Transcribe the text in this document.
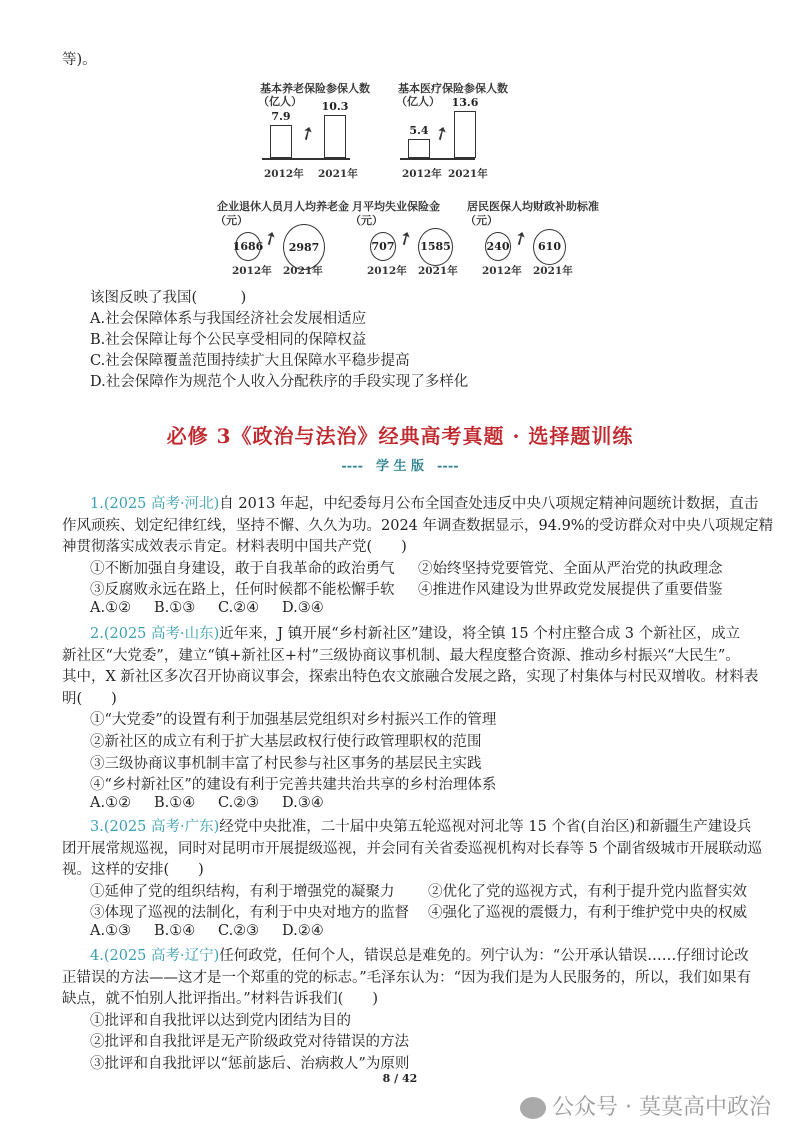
等)。
基本养老保险参保人数
（亿人）
7.9
2012年
10.3
2021年
➚
基本医疗保险参保人数
（亿人）
5.4
2012年
13.6
2021年
➚
企业退休人员月人均养老金
（元）
1686	2987
➚
2012年 2021年
月平均失业保险金
（元）
707 1585
➚
2012年 2021年
居民医保人均财政补助标准
（元）
240	610
➚
2012年 2021年
该图反映了我国(　　　)
A.社会保障体系与我国经济社会发展相适应
B.社会保障让每个公民享受相同的保障权益
C.社会保障覆盖范围持续扩大且保障水平稳步提高
D.社会保障作为规范个人收入分配秩序的手段实现了多样化
必修 3《政治与法治》经典高考真题 · 选择题训练
----　学 生 版　----
1.(2025 高考·河北)自 2013 年起，中纪委每月公布全国查处违反中央八项规定精神问题统计数据，直击
作风顽疾、划定纪律红线，坚持不懈、久久为功。2024 年调查数据显示，94.9%的受访群众对中央八项规定精
神贯彻落实成效表示肯定。材料表明中国共产党(　　)
①不断加强自身建设，敢于自我革命的政治勇气 ②始终坚持党要管党、全面从严治党的执政理念
③反腐败永远在路上，任何时候都不能松懈手软 ④推进作风建设为世界政党发展提供了重要借鉴
A.①② B.①③ C.②④ D.③④
2.(2025 高考·山东)近年来，J 镇开展“乡村新社区”建设，将全镇 15 个村庄整合成 3 个新社区，成立
新社区“大党委”，建立“镇+新社区+村”三级协商议事机制、最大程度整合资源、推动乡村振兴“大民生”。
其中，X 新社区多次召开协商议事会，探索出特色农文旅融合发展之路，实现了村集体与村民双增收。材料表
明(　　)
①“大党委”的设置有利于加强基层党组织对乡村振兴工作的管理
②新社区的成立有利于扩大基层政权行使行政管理职权的范围
③三级协商议事机制丰富了村民参与社区事务的基层民主实践
④“乡村新社区”的建设有利于完善共建共治共享的乡村治理体系
A.①② B.①④ C.②③ D.③④
3.(2025 高考·广东)经党中央批准，二十届中央第五轮巡视对河北等 15 个省(自治区)和新疆生产建设兵
团开展常规巡视，同时对昆明市开展提级巡视，并会同有关省委巡视机构对长春等 5 个副省级城市开展联动巡
视。这样的安排(　　)
①延伸了党的组织结构，有利于增强党的凝聚力 ②优化了党的巡视方式，有利于提升党内监督实效
③体现了巡视的法制化，有利于中央对地方的监督 ④强化了巡视的震慑力，有利于维护党中央的权威
A.①③ B.①④ C.②③ D.②④
4.(2025 高考·辽宁)任何政党，任何个人，错误总是难免的。列宁认为：“公开承认错误……仔细讨论改
正错误的方法——这才是一个郑重的党的标志。”毛泽东认为：“因为我们是为人民服务的，所以，我们如果有
缺点，就不怕别人批评指出。”材料告诉我们(　　)
①批评和自我批评以达到党内团结为目的
②批评和自我批评是无产阶级政党对待错误的方法
③批评和自我批评以“惩前毖后、治病救人”为原则
8 / 42
公众号 · 莫莫高中政治
